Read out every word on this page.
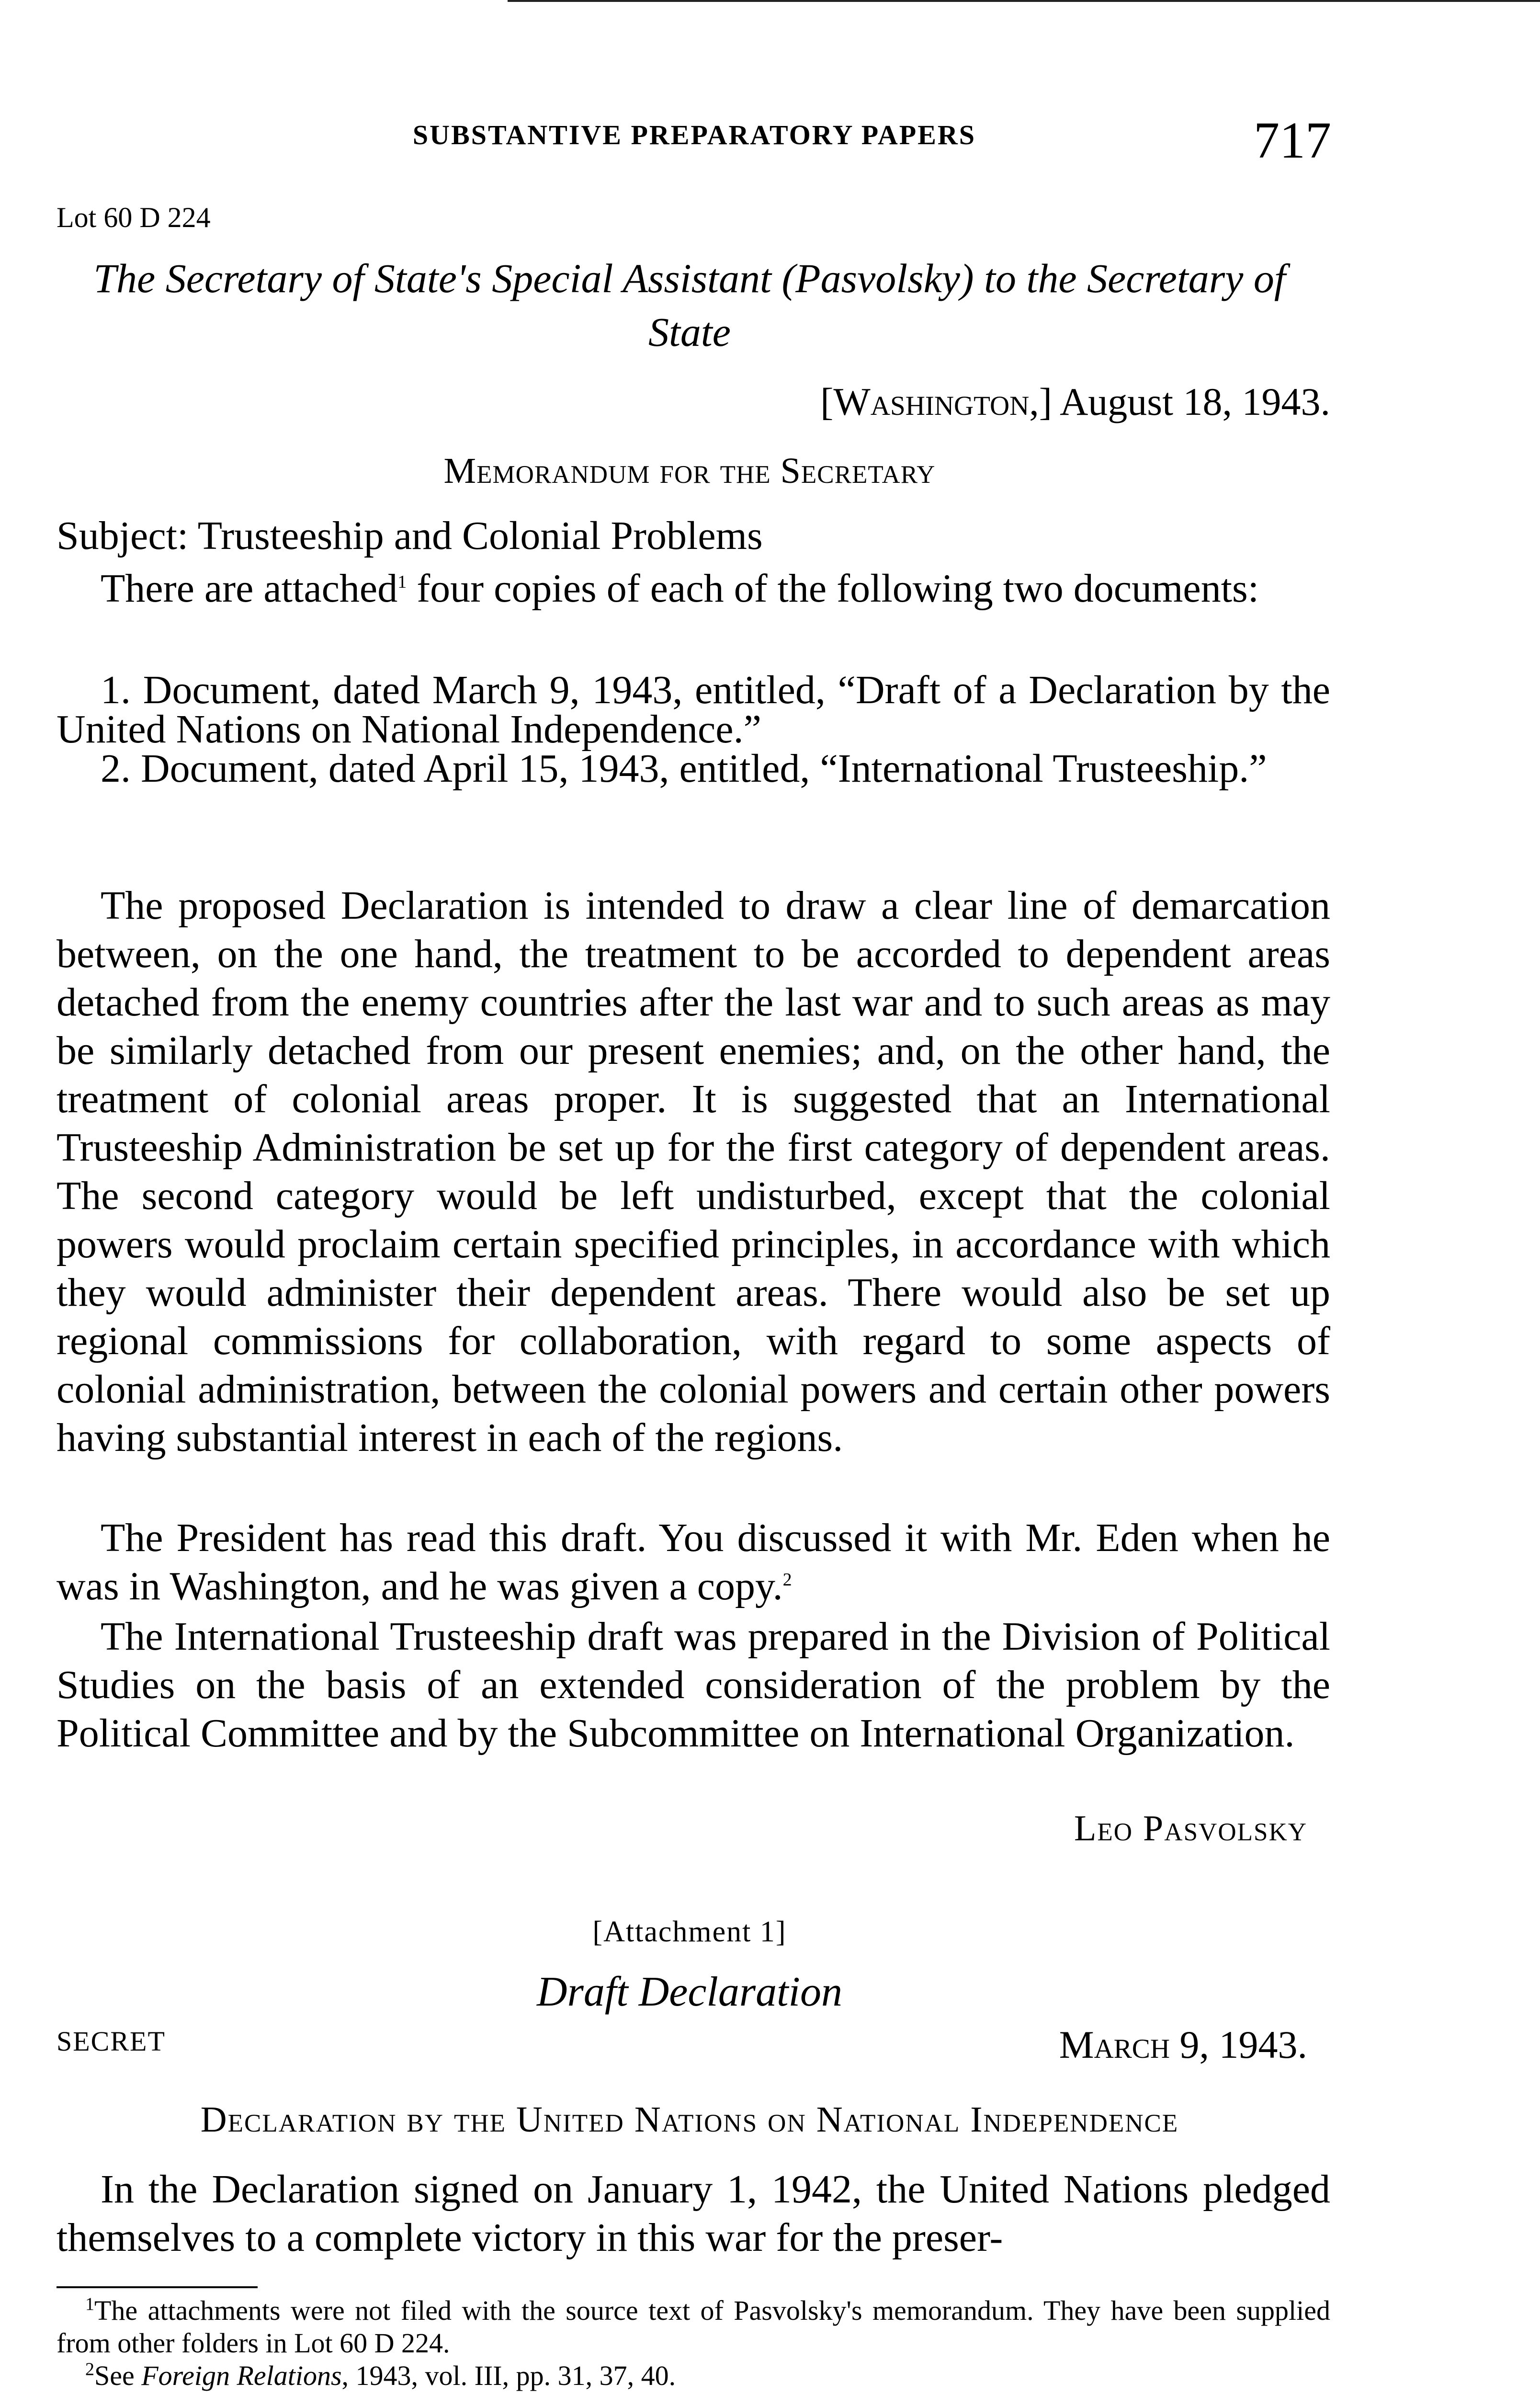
SUBSTANTIVE PREPARATORY PAPERS	717
Lot 60 D 224
The Secretary of State's Special Assistant (Pasvolsky) to the Secretary of State
[Washington,] August 18, 1943.
Memorandum for the Secretary
Subject: Trusteeship and Colonial Problems

There are attached$^1$ four copies of each of the following two documents:

1. Document, dated March 9, 1943, entitled, “Draft of a Declaration by the United Nations on National Independence.”

2. Document, dated April 15, 1943, entitled, “International Trusteeship.”

The proposed Declaration is intended to draw a clear line of demarcation between, on the one hand, the treatment to be accorded to dependent areas detached from the enemy countries after the last war and to such areas as may be similarly detached from our present enemies; and, on the other hand, the treatment of colonial areas proper. It is suggested that an International Trusteeship Administration be set up for the first category of dependent areas. The second category would be left undisturbed, except that the colonial powers would proclaim certain specified principles, in accordance with which they would administer their dependent areas. There would also be set up regional commissions for collaboration, with regard to some aspects of colonial administration, between the colonial powers and certain other powers having substantial interest in each of the regions.

The President has read this draft. You discussed it with Mr. Eden when he was in Washington, and he was given a copy.$^2$

The International Trusteeship draft was prepared in the Division of Political Studies on the basis of an extended consideration of the problem by the Political Committee and by the Subcommittee on International Organization.

Leo Pasvolsky
[Attachment 1]
Draft Declaration
SECRET	March 9, 1943.
Declaration by the United Nations on National Independence

In the Declaration signed on January 1, 1942, the United Nations pledged themselves to a complete victory in this war for the preser-

$^1$The attachments were not filed with the source text of Pasvolsky's memorandum. They have been supplied from other folders in Lot 60 D 224.

$^2$See Foreign Relations, 1943, vol. III, pp. 31, 37, 40.
